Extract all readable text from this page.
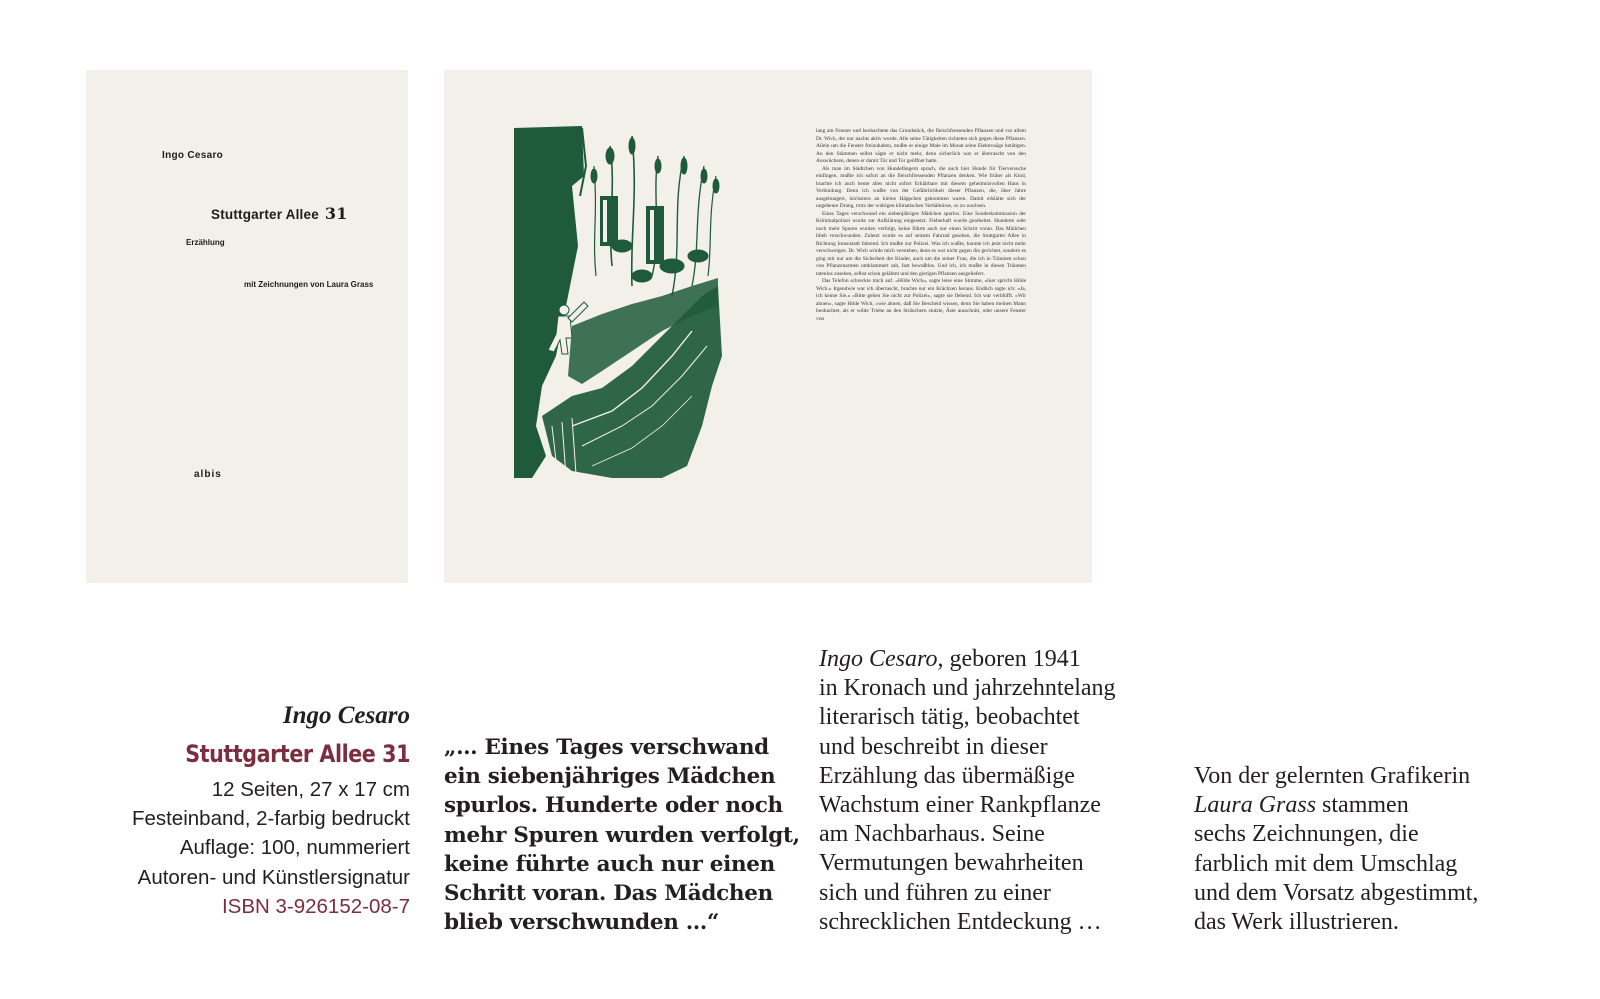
Ingo Cesaro
Stuttgarter Allee 31
Erzählung
mit Zeichnungen von Laura Grass
albis

lang am Fenster und beobachtete das Grundstück, die fleischfressenden Pflanzen und vor allem Dr. Wich, der nur nachts aktiv wurde. Alle seine Tätigkeiten richteten sich gegen diese Pflanzen. Allein um die Fenster freizuhalten, mußte er einige Male im Monat seine Elektrosäge betätigen. An den Stämmen selbst sägte er nicht mehr, denn sicherlich war er überrascht von den Auswüchsen, denen er damit Tür und Tor geöffnet hatte.

Als man im Städtchen von Hundefängern sprach, die auch hier Hunde für Tierversuche einfingen, mußte ich sofort an die fleischfressenden Pflanzen denken. Wie früher als Kind, brachte ich auch heute alles nicht sofort Erklärbare mit diesem geheimnisvollen Haus in Verbindung. Denn ich wußte von der Gefährlichkeit dieser Pflanzen, die, über Jahre ausgehungert, höchstens an kleine Häppchen gekommen waren. Damit erklärte sich der ungeheure Drang, trotz der widrigen klimatischen Verhältnisse, so zu wachsen.

Eines Tages verschwand ein siebenjähriges Mädchen spurlos. Eine Sonderkommission der Kriminalpolizei wurde zur Aufklärung eingesetzt. Fieberhaft wurde gearbeitet. Hunderte oder noch mehr Spuren wurden verfolgt, keine führte auch nur einen Schritt voran. Das Mädchen blieb verschwunden. Zuletzt wurde es auf seinem Fahrrad gesehen, die Stuttgarter Allee in Richtung Innenstadt fahrend. Ich mußte zur Polizei. Was ich wußte, konnte ich jetzt nicht mehr verschweigen. Dr. Wich würde mich verstehen, denn es war nicht gegen ihn gerichtet, sondern es ging mir nur um die Sicherheit der Kinder, auch um die seiner Frau, die ich in Träumen schon von Pflanzenarmen umklammert sah, fast bewußtlos. Und ich, ich mußte in diesen Träumen tatenlos zusehen, selbst schon gelähmt und den gierigen Pflanzen ausgeliefert.

Das Telefon schreckte mich auf. »Hilde Wich«, sagte leise eine Stimme, »hier spricht Hilde Wich.« Irgendwie war ich überrascht, brachte nur ein Krächzen heraus. Endlich sagte ich: »Ja, ich kenne Sie.« »Bitte gehen Sie nicht zur Polizei«, sagte sie flehend. Ich war verblüfft. »Wir ahnen«, sagte Hilde Wich, »wie ahnen, daß Sie Bescheid wissen, denn Sie haben meinen Mann beobachtet, als er wilde Triebe an den Sträuchern stutzte, Äste ausschnitt, oder unsere Fenster von

Ingo Cesaro
Stuttgarter Allee 31
12 Seiten, 27 x 17 cm
Festeinband, 2-farbig bedruckt
Auflage: 100, nummeriert
Autoren- und Künstlersignatur
ISBN 3-926152-08-7
„… Eines Tages verschwand
ein siebenjähriges Mädchen
spurlos. Hunderte oder noch
mehr Spuren wurden verfolgt,
keine führte auch nur einen
Schritt voran. Das Mädchen
blieb verschwunden …“
Ingo Cesaro, geboren 1941
in Kronach und jahrzehntelang
literarisch tätig, beobachtet
und beschreibt in dieser
Erzählung das übermäßige
Wachstum einer Rankpflanze
am Nachbarhaus. Seine
Vermutungen bewahrheiten
sich und führen zu einer
schrecklichen Entdeckung …
Von der gelernten Grafikerin
Laura Grass stammen
sechs Zeichnungen, die
farblich mit dem Umschlag
und dem Vorsatz abgestimmt,
das Werk illustrieren.
